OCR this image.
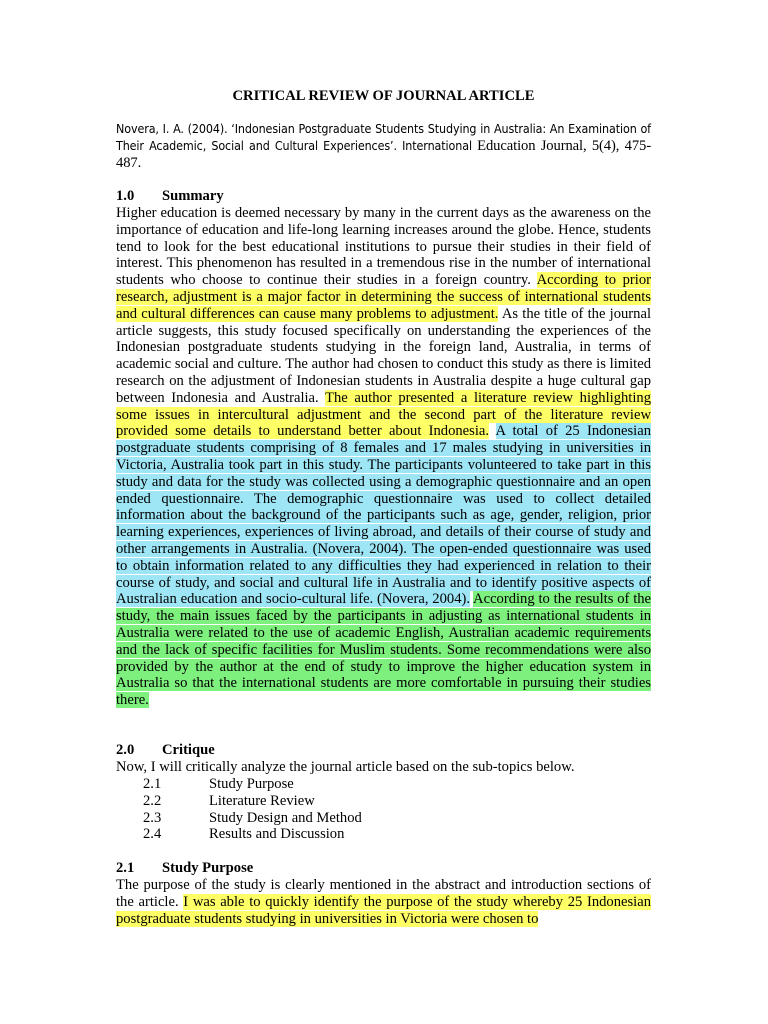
CRITICAL REVIEW OF JOURNAL ARTICLE
Novera, I. A. (2004). ‘Indonesian Postgraduate Students Studying in Australia: An Examination of Their Academic, Social and Cultural Experiences’. International Education Journal, 5(4), 475-487.
1.0 Summary
Higher education is deemed necessary by many in the current days as the awareness on the importance of education and life-long learning increases around the globe. Hence, students tend to look for the best educational institutions to pursue their studies in their field of interest. This phenomenon has resulted in a tremendous rise in the number of international students who choose to continue their studies in a foreign country. According to prior research, adjustment is a major factor in determining the success of international students and cultural differences can cause many problems to adjustment. As the title of the journal article suggests, this study focused specifically on understanding the experiences of the Indonesian postgraduate students studying in the foreign land, Australia, in terms of academic social and culture. The author had chosen to conduct this study as there is limited research on the adjustment of Indonesian students in Australia despite a huge cultural gap between Indonesia and Australia. The author presented a literature review highlighting some issues in intercultural adjustment and the second part of the literature review provided some details to understand better about Indonesia. A total of 25 Indonesian postgraduate students comprising of 8 females and 17 males studying in universities in Victoria, Australia took part in this study. The participants volunteered to take part in this study and data for the study was collected using a demographic questionnaire and an open ended questionnaire. The demographic questionnaire was used to collect detailed information about the background of the participants such as age, gender, religion, prior learning experiences, experiences of living abroad, and details of their course of study and other arrangements in Australia. (Novera, 2004). The open-ended questionnaire was used to obtain information related to any difficulties they had experienced in relation to their course of study, and social and cultural life in Australia and to identify positive aspects of Australian education and socio-cultural life. (Novera, 2004). According to the results of the study, the main issues faced by the participants in adjusting as international students in Australia were related to the use of academic English, Australian academic requirements and the lack of specific facilities for Muslim students. Some recommendations were also provided by the author at the end of study to improve the higher education system in Australia so that the international students are more comfortable in pursuing their studies there.
2.0 Critique
Now, I will critically analyze the journal article based on the sub-topics below.
2.1	Study Purpose
2.2	Literature Review
2.3	Study Design and Method
2.4	Results and Discussion
2.1 Study Purpose
The purpose of the study is clearly mentioned in the abstract and introduction sections of the article. I was able to quickly identify the purpose of the study whereby 25 Indonesian postgraduate students studying in universities in Victoria were chosen to
